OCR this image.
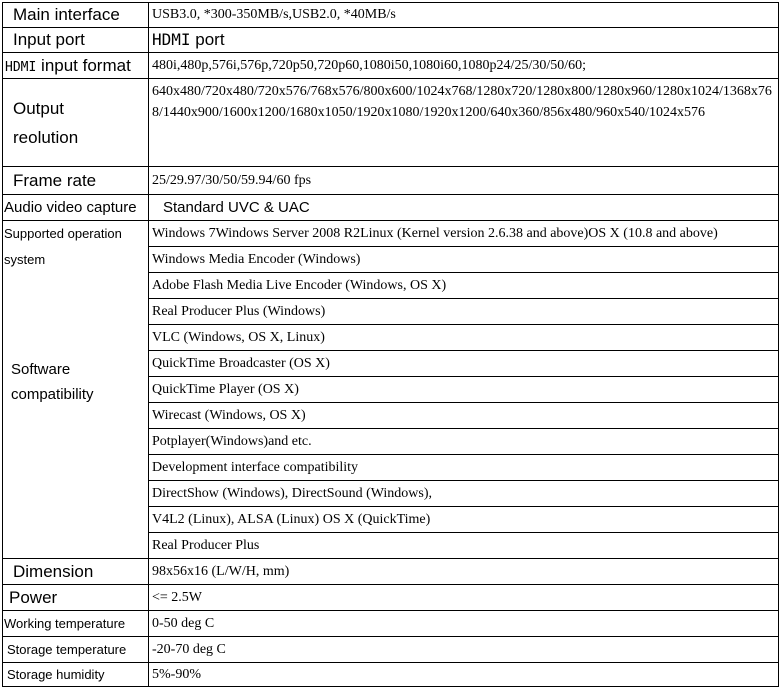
Main interface	USB3.0, *300-350MB/s,USB2.0, *40MB/s
Input port	HDMI port
HDMI input format	480i,480p,576i,576p,720p50,720p60,1080i50,1080i60,1080p24/25/30/50/60;

Output
reolution	640x480/720x480/720x576/768x576/800x600/1024x768/1280x720/1280x800/1280x960/1280x1024/1368x768/1440x900/1600x1200/1680x1050/1920x1080/1920x1200/640x360/856x480/960x540/1024x576
Frame rate	25/29.97/30/50/59.94/60 fps
Audio video capture	Standard UVC & UAC
Supported operation	Windows 7Windows Server 2008 R2Linux (Kernel version 2.6.38 and above)OS X (10.8 and above)

system
Software
compatibility	Windows Media Encoder (Windows)
	Adobe Flash Media Live Encoder (Windows, OS X)
	Real Producer Plus (Windows)
	VLC (Windows, OS X, Linux)
	QuickTime Broadcaster (OS X)
	QuickTime Player (OS X)
	Wirecast (Windows, OS X)
	Potplayer(Windows)and etc.
	Development interface compatibility
	DirectShow (Windows), DirectSound (Windows),
	V4L2 (Linux), ALSA (Linux) OS X (QuickTime)
	Real Producer Plus
Dimension	98x56x16 (L/W/H, mm)
Power	<= 2.5W
Working temperature	0-50 deg C
Storage temperature	-20-70 deg C
Storage humidity	5%-90%
